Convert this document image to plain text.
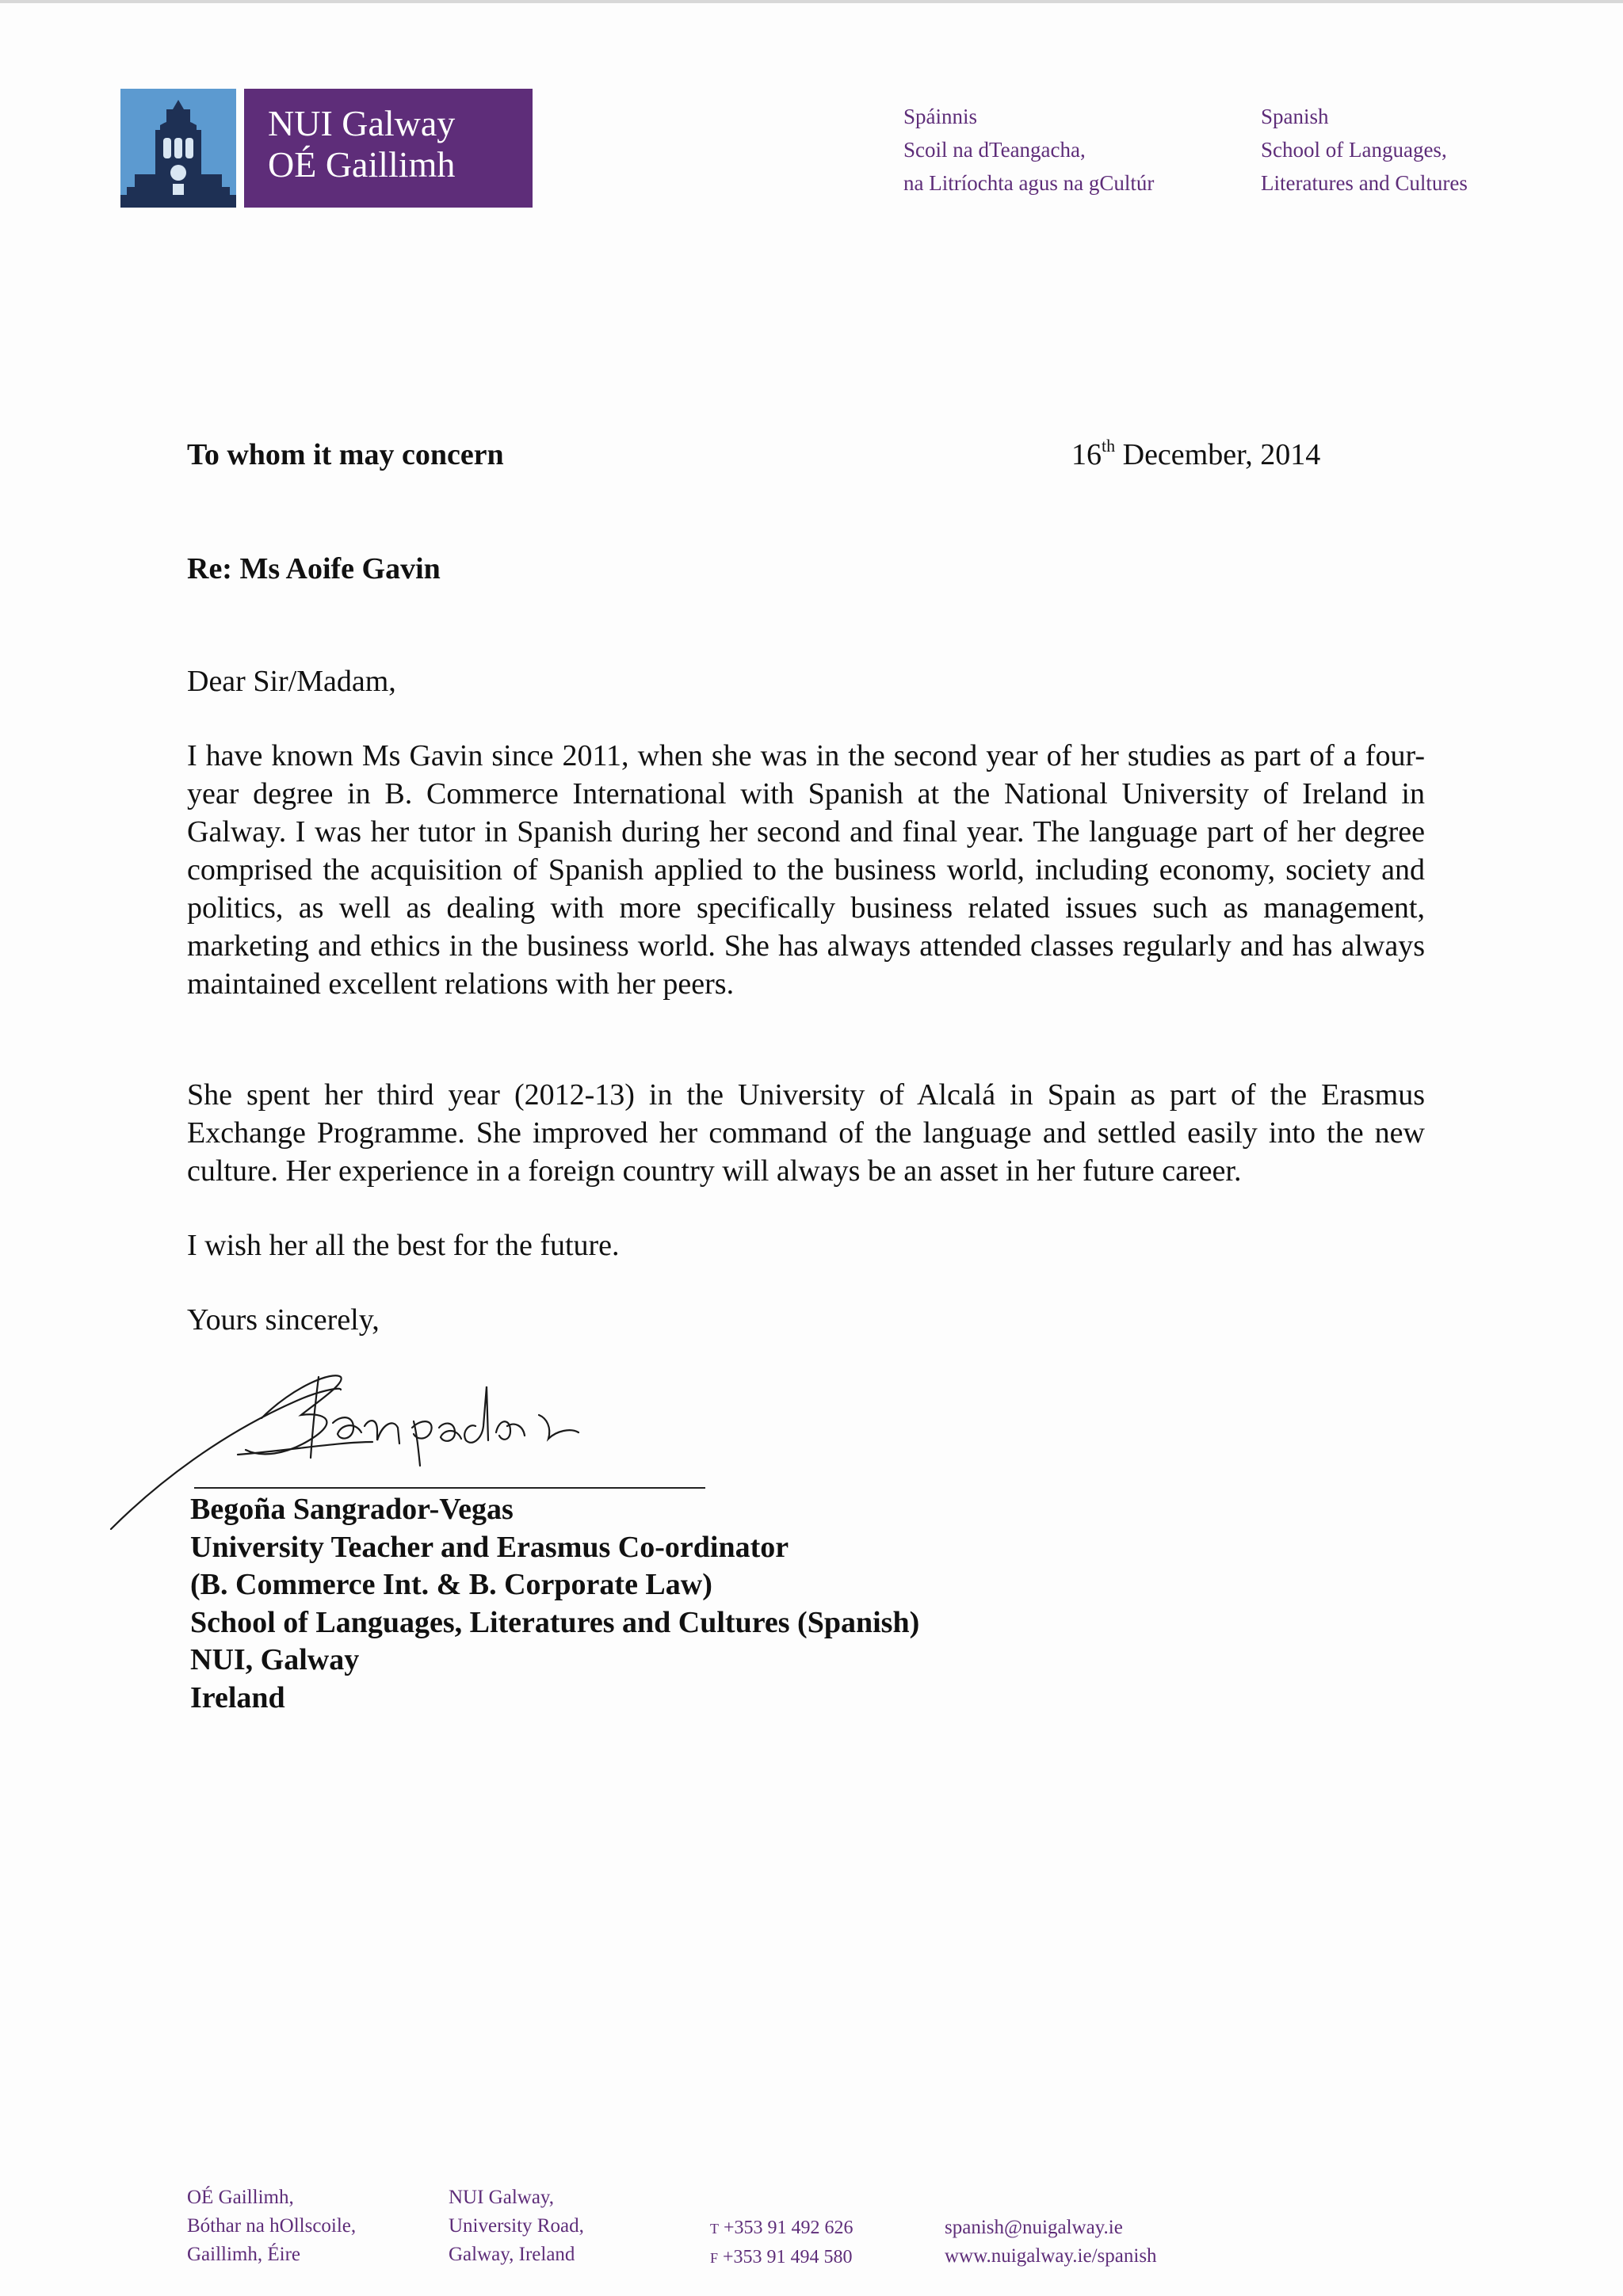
NUI Galway
OÉ Gaillimh
Spáinnis
Scoil na dTeangacha,
na Litríochta agus na gCultúr
Spanish
School of Languages,
Literatures and Cultures
To whom it may concern	16th December, 2014
Re: Ms Aoife Gavin
Dear Sir/Madam,
I have known Ms Gavin since 2011, when she was in the second year of her studies as part of a four-year degree in B. Commerce International with Spanish at the National University of Ireland in Galway. I was her tutor in Spanish during her second and final year. The language part of her degree comprised the acquisition of Spanish applied to the business world, including economy, society and politics, as well as dealing with more specifically business related issues such as management, marketing and ethics in the business world. She has always attended classes regularly and has always maintained excellent relations with her peers.
She spent her third year (2012-13) in the University of Alcalá in Spain as part of the Erasmus Exchange Programme. She improved her command of the language and settled easily into the new culture. Her experience in a foreign country will always be an asset in her future career.
I wish her all the best for the future.
Yours sincerely,
Begoña Sangrador-Vegas
University Teacher and Erasmus Co-ordinator
(B. Commerce Int. & B. Corporate Law)
School of Languages, Literatures and Cultures (Spanish)
NUI, Galway
Ireland
OÉ Gaillimh,
Bóthar na hOllscoile,
Gaillimh, Éire
NUI Galway,
University Road,
Galway, Ireland
T +353 91 492 626
F +353 91 494 580
spanish@nuigalway.ie
www.nuigalway.ie/spanish
